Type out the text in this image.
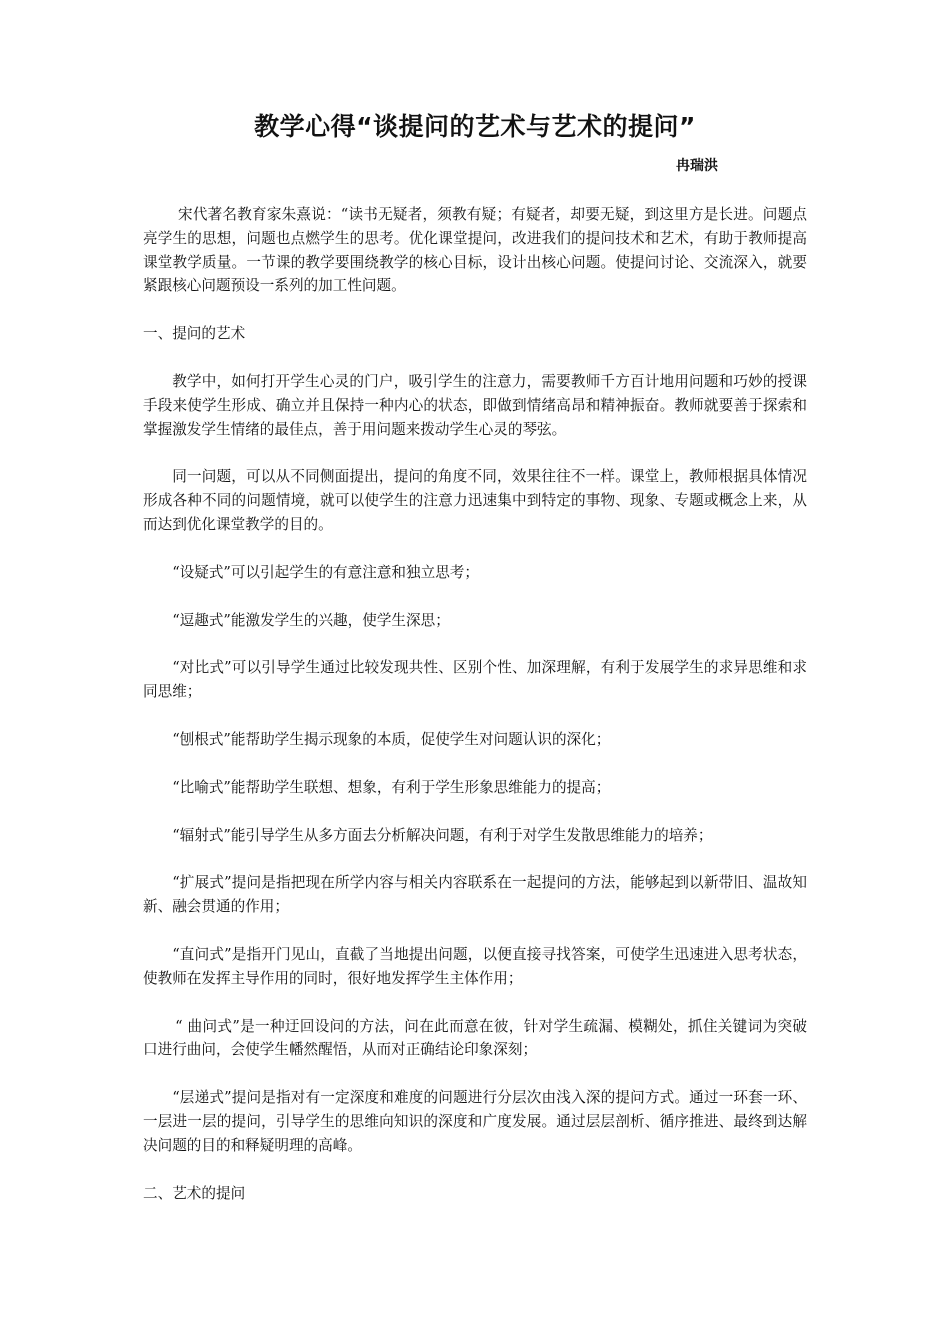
教学心得“谈提问的艺术与艺术的提问”
冉瑞洪

宋代著名教育家朱熹说：“读书无疑者，须教有疑；有疑者，却要无疑，到这里方是长进。问题点亮学生的思想，问题也点燃学生的思考。优化课堂提问，改进我们的提问技术和艺术，有助于教师提高课堂教学质量。一节课的教学要围绕教学的核心目标，设计出核心问题。使提问讨论、交流深入，就要紧跟核心问题预设一系列的加工性问题。

一、提问的艺术

教学中，如何打开学生心灵的门户，吸引学生的注意力，需要教师千方百计地用问题和巧妙的授课手段来使学生形成、确立并且保持一种内心的状态，即做到情绪高昂和精神振奋。教师就要善于探索和掌握激发学生情绪的最佳点，善于用问题来拨动学生心灵的琴弦。

同一问题，可以从不同侧面提出，提问的角度不同，效果往往不一样。课堂上，教师根据具体情况形成各种不同的问题情境，就可以使学生的注意力迅速集中到特定的事物、现象、专题或概念上来，从而达到优化课堂教学的目的。

“设疑式”可以引起学生的有意注意和独立思考；

“逗趣式”能激发学生的兴趣，使学生深思；

“对比式”可以引导学生通过比较发现共性、区别个性、加深理解，有利于发展学生的求异思维和求同思维；

“刨根式”能帮助学生揭示现象的本质，促使学生对问题认识的深化；

“比喻式”能帮助学生联想、想象，有利于学生形象思维能力的提高；

“辐射式”能引导学生从多方面去分析解决问题，有利于对学生发散思维能力的培养；

“扩展式”提问是指把现在所学内容与相关内容联系在一起提问的方法，能够起到以新带旧、温故知新、融会贯通的作用；

“直问式”是指开门见山，直截了当地提出问题，以便直接寻找答案，可使学生迅速进入思考状态，使教师在发挥主导作用的同时，很好地发挥学生主体作用；

“ 曲问式”是一种迂回设问的方法，问在此而意在彼，针对学生疏漏、模糊处，抓住关键词为突破口进行曲问，会使学生幡然醒悟，从而对正确结论印象深刻；

“层递式”提问是指对有一定深度和难度的问题进行分层次由浅入深的提问方式。通过一环套一环、一层进一层的提问，引导学生的思维向知识的深度和广度发展。通过层层剖析、循序推进、最终到达解决问题的目的和释疑明理的高峰。

二、艺术的提问
